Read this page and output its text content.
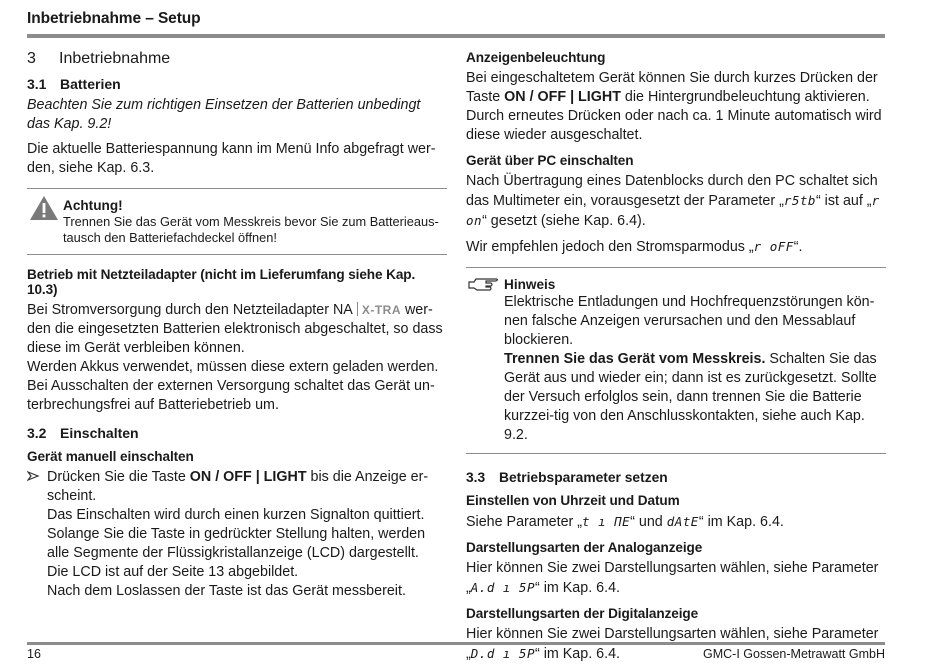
Inbetriebnahme – Setup
3 Inbetriebnahme
3.1 Batterien

Beachten Sie zum richtigen Einsetzen der Batterien unbedingt das Kap. 9.2!

Die aktuelle Batteriespannung kann im Menü Info abgefragt wer-den, siehe Kap. 6.3.

Achtung!
Trennen Sie das Gerät vom Messkreis bevor Sie zum Batterieaus-tausch den Batteriefachdeckel öffnen!
Betrieb mit Netzteiladapter (nicht im Lieferumfang siehe Kap. 10.3)

Bei Stromversorgung durch den Netzteiladapter NA X-TRA wer-den die eingesetzten Batterien elektronisch abgeschaltet, so dass diese im Gerät verbleiben können.

Werden Akkus verwendet, müssen diese extern geladen werden. Bei Ausschalten der externen Versorgung schaltet das Gerät un-terbrechungsfrei auf Batteriebetrieb um.

3.2 Einschalten
Gerät manuell einschalten

Drücken Sie die Taste ON / OFF | LIGHT bis die Anzeige er-scheint.

Das Einschalten wird durch einen kurzen Signalton quittiert.

Solange Sie die Taste in gedrückter Stellung halten, werden alle Segmente der Flüssigkristallanzeige (LCD) dargestellt.

Die LCD ist auf der Seite 13 abgebildet.

Nach dem Loslassen der Taste ist das Gerät messbereit.

Anzeigenbeleuchtung

Bei eingeschaltetem Gerät können Sie durch kurzes Drücken der Taste ON / OFF | LIGHT die Hintergrundbeleuchtung aktivieren. Durch erneutes Drücken oder nach ca. 1 Minute automatisch wird diese wieder ausgeschaltet.

Gerät über PC einschalten

Nach Übertragung eines Datenblocks durch den PC schaltet sich das Multimeter ein, vorausgesetzt der Parameter „r5tb“ ist auf „r on“ gesetzt (siehe Kap. 6.4).

Wir empfehlen jedoch den Stromsparmodus „r oFF“.

Hinweis

Elektrische Entladungen und Hochfrequenzstörungen kön-nen falsche Anzeigen verursachen und den Messablauf blockieren.

Trennen Sie das Gerät vom Messkreis. Schalten Sie das Gerät aus und wieder ein; dann ist es zurückgesetzt. Sollte der Versuch erfolglos sein, dann trennen Sie die Batterie kurzzei-tig von den Anschlusskontakten, siehe auch Kap. 9.2.

3.3 Betriebsparameter setzen
Einstellen von Uhrzeit und Datum

Siehe Parameter „t ı ΠE“ und dAtE“ im Kap. 6.4.

Darstellungsarten der Analoganzeige

Hier können Sie zwei Darstellungsarten wählen, siehe Parameter „A.d ı 5P“ im Kap. 6.4.

Darstellungsarten der Digitalanzeige

Hier können Sie zwei Darstellungsarten wählen, siehe Parameter „D.d ı 5P“ im Kap. 6.4.

16	GMC-I Gossen-Metrawatt GmbH
